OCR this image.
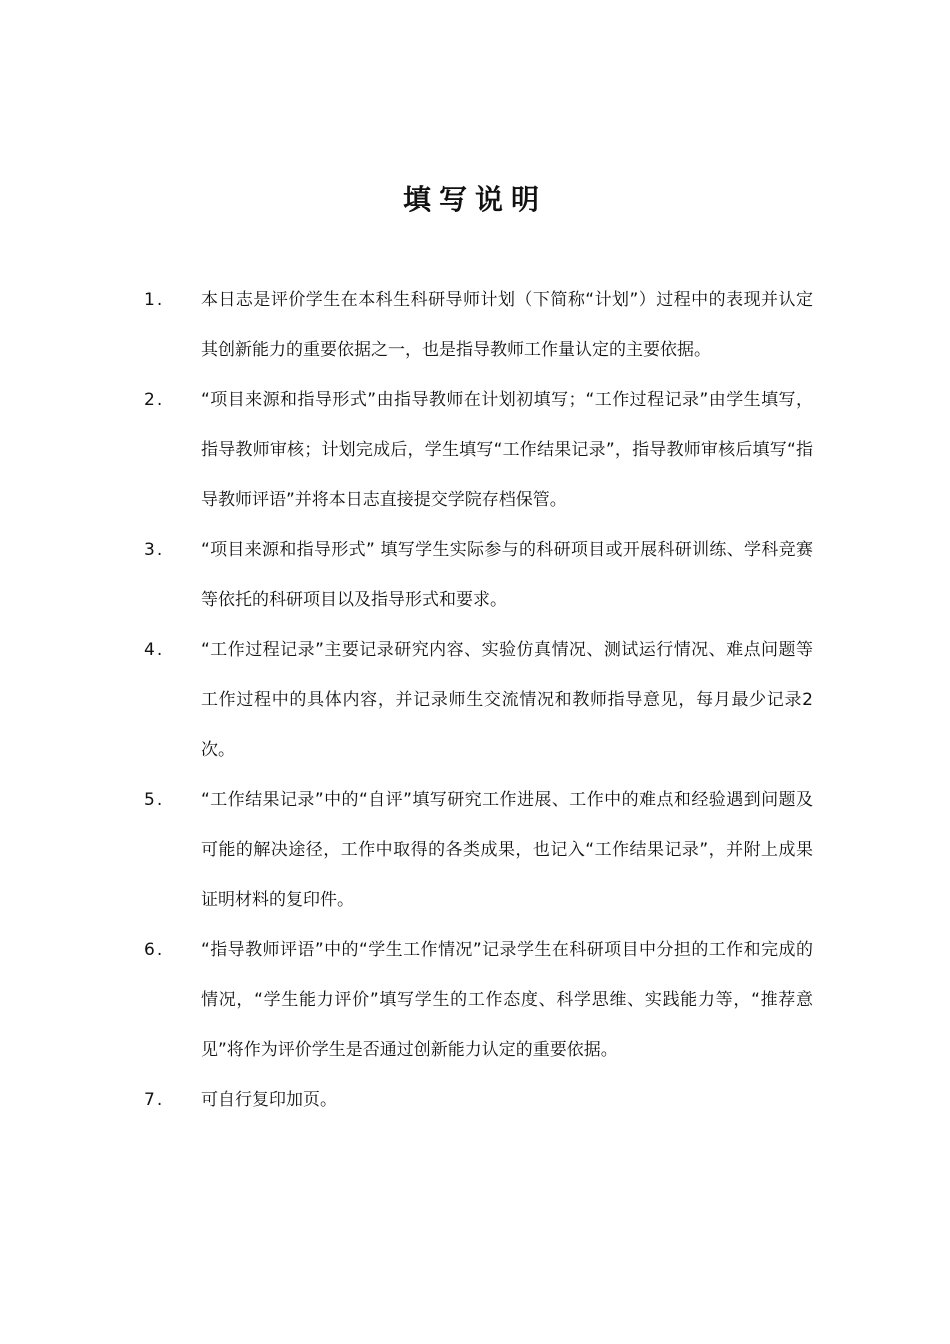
填写说明
1. 本日志是评价学生在本科生科研导师计划（下简称“计划”）过程中的表现并认定其创新能力的重要依据之一，也是指导教师工作量认定的主要依据。
2. “项目来源和指导形式”由指导教师在计划初填写；“工作过程记录”由学生填写，指导教师审核；计划完成后，学生填写“工作结果记录”，指导教师审核后填写“指导教师评语”并将本日志直接提交学院存档保管。
3. “项目来源和指导形式” 填写学生实际参与的科研项目或开展科研训练、学科竞赛等依托的科研项目以及指导形式和要求。
4. “工作过程记录”主要记录研究内容、实验仿真情况、测试运行情况、难点问题等工作过程中的具体内容，并记录师生交流情况和教师指导意见，每月最少记录2次。
5. “工作结果记录”中的“自评”填写研究工作进展、工作中的难点和经验遇到问题及可能的解决途径，工作中取得的各类成果，也记入“工作结果记录”，并附上成果证明材料的复印件。
6. “指导教师评语”中的“学生工作情况”记录学生在科研项目中分担的工作和完成的情况，“学生能力评价”填写学生的工作态度、科学思维、实践能力等，“推荐意见”将作为评价学生是否通过创新能力认定的重要依据。
7. 可自行复印加页。
